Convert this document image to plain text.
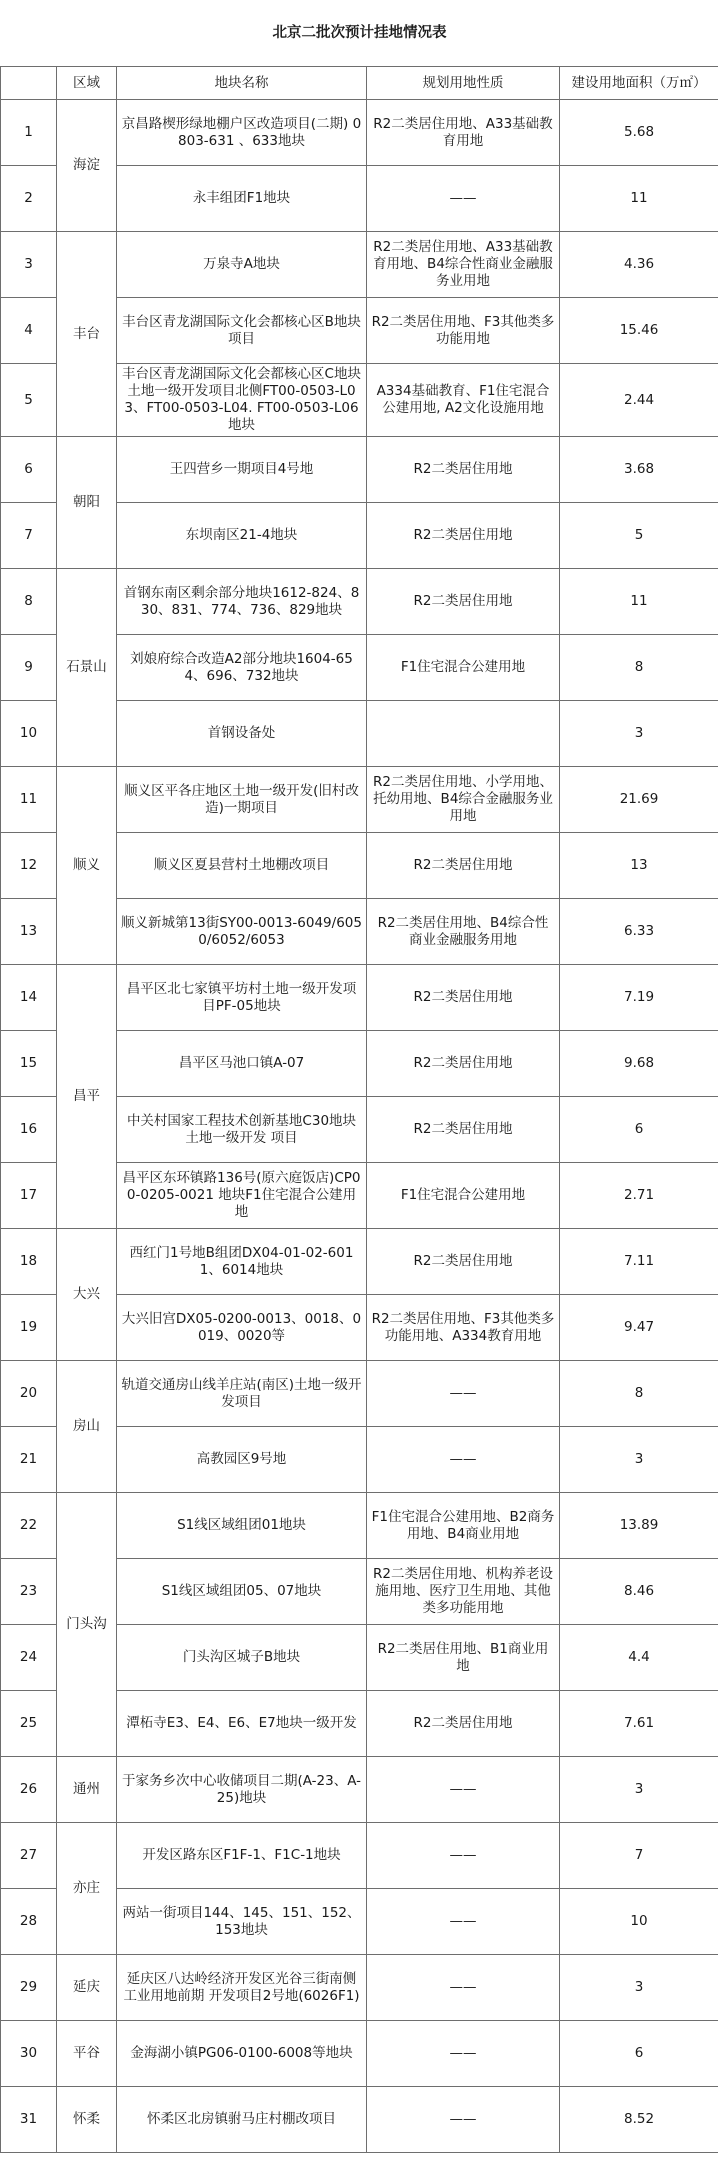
北京二批次预计挂地情况表				
	区域	地块名称	规划用地性质	建设用地面积（万㎡）
1	海淀	京昌路楔形绿地棚户区改造项目(二期) 0803-631 、633地块	R2二类居住用地、A33基础教育用地	5.68
2		永丰组团F1地块	——	11
3	丰台	万泉寺A地块	R2二类居住用地、A33基础教育用地、B4综合性商业金融服务业用地	4.36
4		丰台区青龙湖国际文化会都核心区B地块项目	R2二类居住用地、F3其他类多功能用地	15.46
5		丰台区青龙湖国际文化会都核心区C地块土地一级开发项目北侧FT00-0503-L03、FT00-0503-L04. FT00-0503-L06地块	A334基础教育、F1住宅混合公建用地, A2文化设施用地	2.44
6	朝阳	王四营乡一期项目4号地	R2二类居住用地	3.68
7		东坝南区21-4地块	R2二类居住用地	5
8	石景山	首钢东南区剩余部分地块1612-824、830、831、774、736、829地块	R2二类居住用地	11
9		刘娘府综合改造A2部分地块1604-654、696、732地块	F1住宅混合公建用地	8
10		首钢设备处		3
11	顺义	顺义区平各庄地区土地一级开发(旧村改造)一期项目	R2二类居住用地、小学用地、托幼用地、B4综合金融服务业用地	21.69
12		顺义区夏县营村土地棚改项目	R2二类居住用地	13
13		顺义新城第13街SY00-0013-6049/6050/6052/6053	R2二类居住用地、B4综合性商业金融服务用地	6.33
14	昌平	昌平区北七家镇平坊村土地一级开发项目PF-05地块	R2二类居住用地	7.19
15		昌平区马池口镇A-07	R2二类居住用地	9.68
16		中关村国家工程技术创新基地C30地块土地一级开发 项目	R2二类居住用地	6
17		昌平区东环镇路136号(原六庭饭店)CP00-0205-0021 地块F1住宅混合公建用地	F1住宅混合公建用地	2.71
18	大兴	西红门1号地B组团DX04-01-02-6011、6014地块	R2二类居住用地	7.11
19		大兴旧宫DX05-0200-0013、0018、0019、0020等	R2二类居住用地、F3其他类多功能用地、A334教育用地	9.47
20	房山	轨道交通房山线羊庄站(南区)土地一级开发项目	——	8
21		高教园区9号地	——	3
22	门头沟	S1线区域组团01地块	F1住宅混合公建用地、B2商务用地、B4商业用地	13.89
23		S1线区域组团05、07地块	R2二类居住用地、机构养老设施用地、医疗卫生用地、其他类多功能用地	8.46
24		门头沟区城子B地块	R2二类居住用地、B1商业用地	4.4
25		潭柘寺E3、E4、E6、E7地块一级开发	R2二类居住用地	7.61
26	通州	于家务乡次中心收储项目二期(A-23、A-25)地块	——	3
27	亦庄	开发区路东区F1F-1、F1C-1地块	——	7
28		两站一街项目144、145、151、152、153地块	——	10
29	延庆	延庆区八达岭经济开发区光谷三街南侧工业用地前期 开发项目2号地(6026F1)	——	3
30	平谷	金海湖小镇PG06-0100-6008等地块	——	6
31	怀柔	怀柔区北房镇驸马庄村棚改项目	——	8.52
